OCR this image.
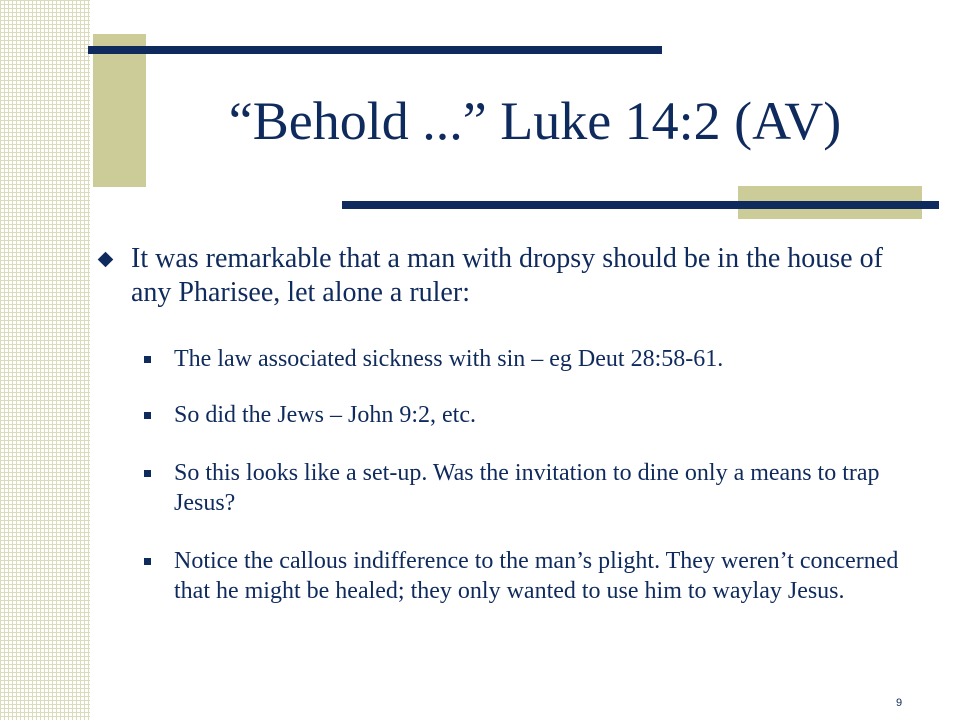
“Behold ...” Luke 14:2 (AV)
It was remarkable that a man with dropsy should be in the house of any Pharisee, let alone a ruler:
The law associated sickness with sin – eg Deut 28:58-61.
So did the Jews – John 9:2, etc.
So this looks like a set-up. Was the invitation to dine only a means to trap Jesus?
Notice the callous indifference to the man’s plight. They weren’t concerned that he might be healed; they only wanted to use him to waylay Jesus.
9
